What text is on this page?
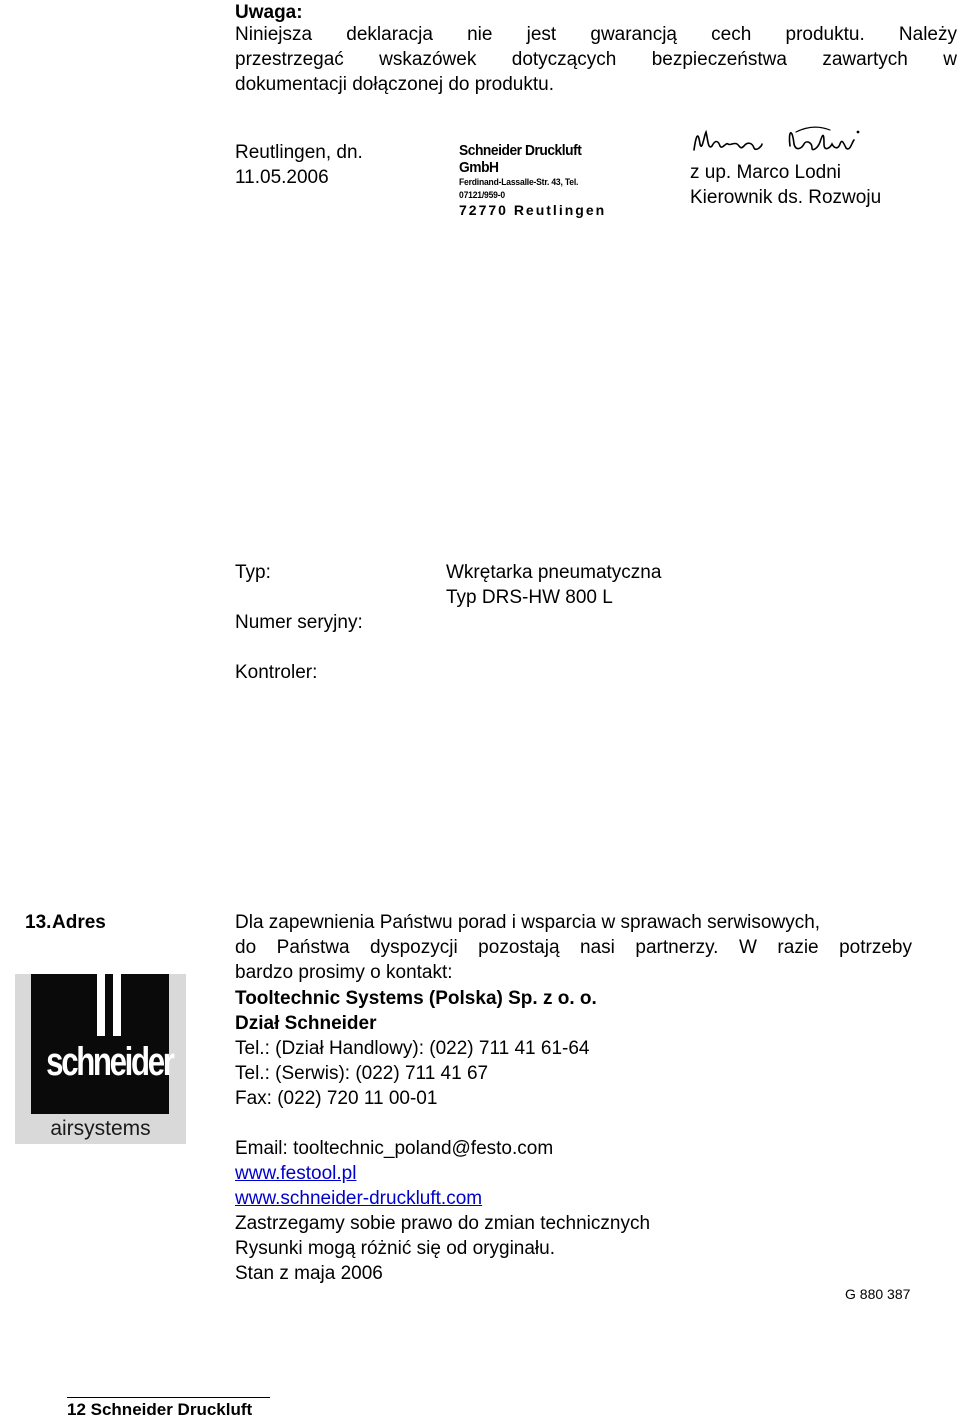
Uwaga:
Niniejsza deklaracja nie jest gwarancją cech produktu. Należy
przestrzegać wskazówek dotyczących bezpieczeństwa zawartych w
dokumentacji dołączonej do produktu.
Reutlingen, dn.
11.05.2006
Schneider Druckluft GmbH
Ferdinand-Lassalle-Str. 43, Tel. 07121/959-0
72770 Reutlingen
z up. Marco Lodni
Kierownik ds. Rozwoju
Typ:	Wkrętarka pneumatyczna
Typ DRS-HW 800 L
Numer seryjny:
Kontroler:
13. Adres	Dla zapewnienia Państwu porad i wsparcia w sprawach serwisowych,
do Państwa dyspozycji pozostają nasi partnerzy. W razie potrzeby
bardzo prosimy o kontakt:
Tooltechnic Systems (Polska) Sp. z o. o.
Dział Schneider
Tel.: (Dział Handlowy): (022) 711 41 61-64
Tel.: (Serwis): (022) 711 41 67
Fax: (022) 720 11 00-01
Email: tooltechnic_poland@festo.com
www.festool.pl
www.schneider-druckluft.com
Zastrzegamy sobie prawo do zmian technicznych
Rysunki mogą różnić się od oryginału.
Stan z maja 2006
schneider
airsystems
G 880 387
12 Schneider Druckluft
